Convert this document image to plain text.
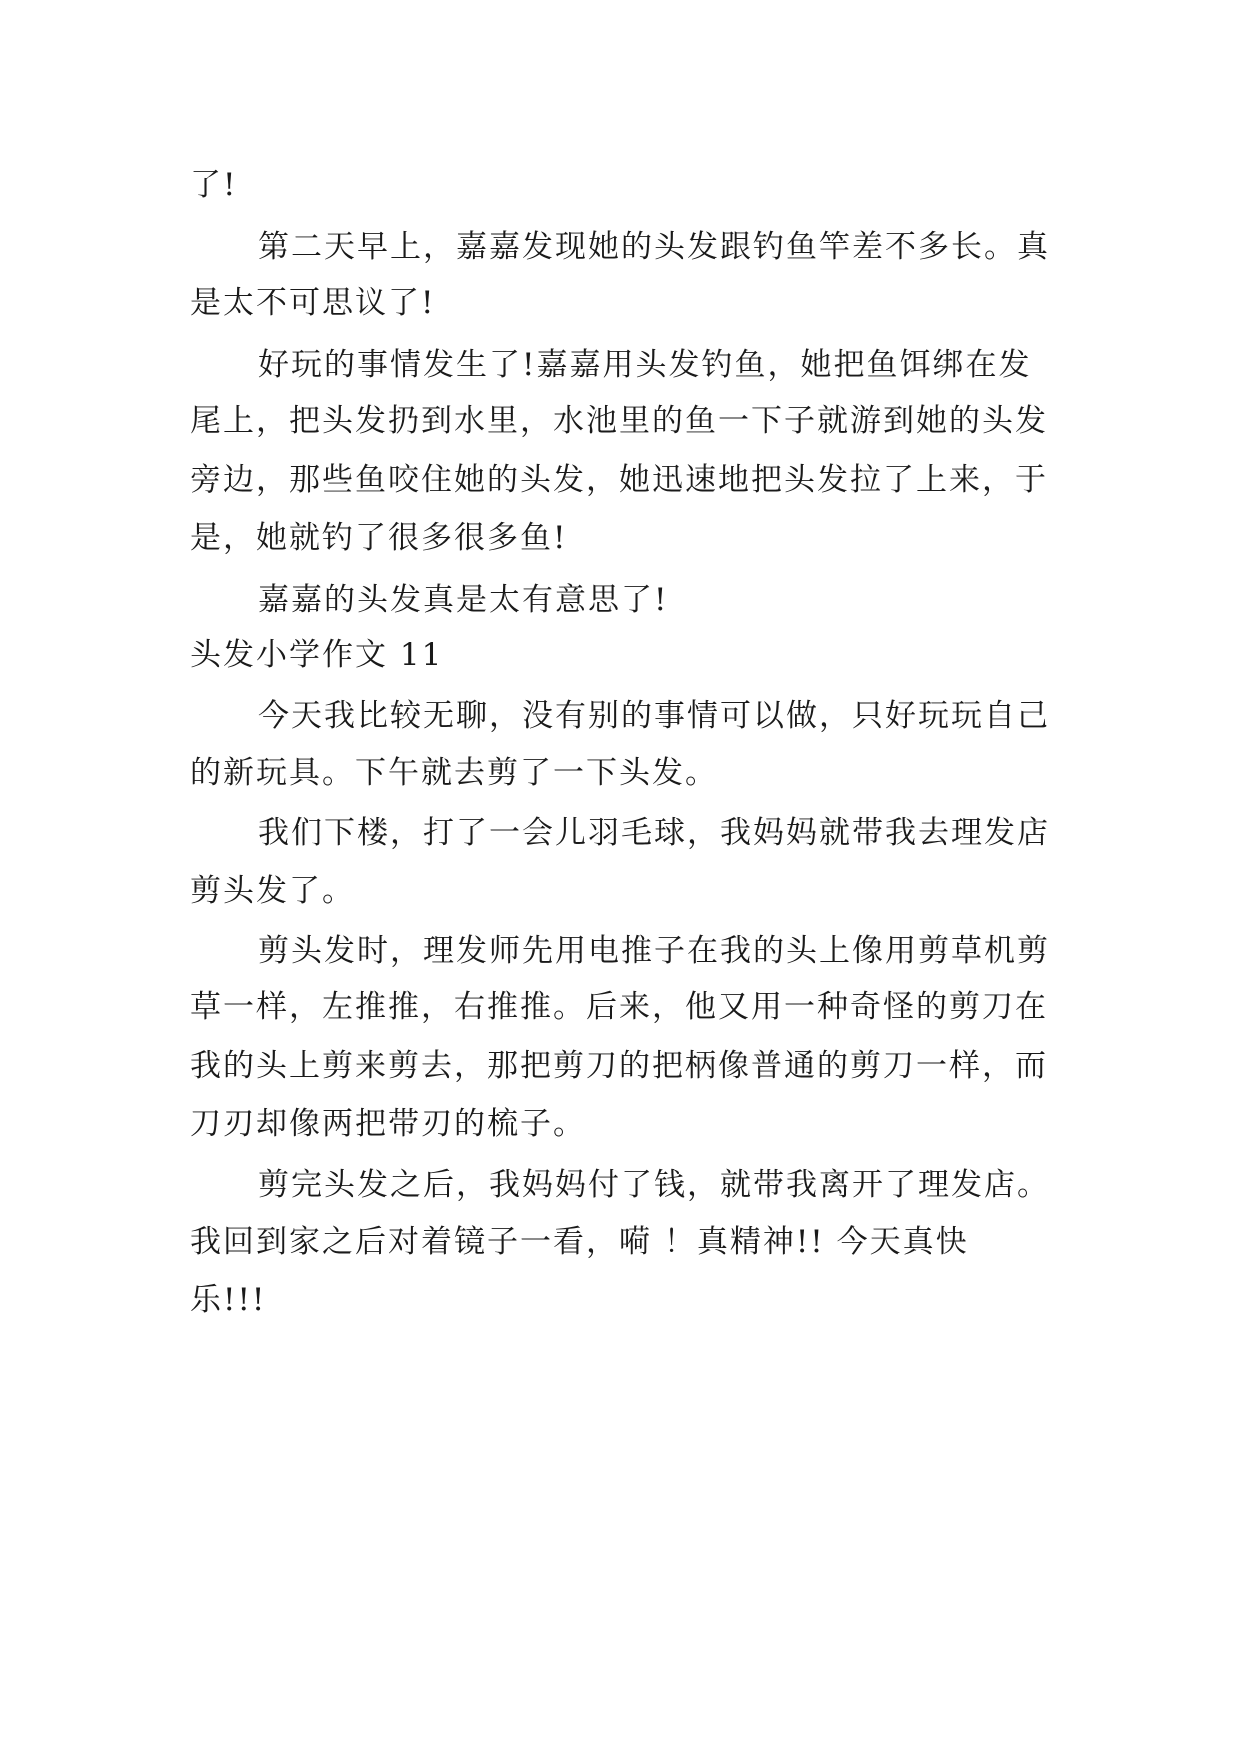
了!
第二天早上，嘉嘉发现她的头发跟钓鱼竿差不多长。真
是太不可思议了!
好玩的事情发生了!嘉嘉用头发钓鱼，她把鱼饵绑在发
尾上，把头发扔到水里，水池里的鱼一下子就游到她的头发
旁边，那些鱼咬住她的头发，她迅速地把头发拉了上来，于
是，她就钓了很多很多鱼!
嘉嘉的头发真是太有意思了!
头发小学作文 11
今天我比较无聊，没有别的事情可以做，只好玩玩自己
的新玩具。下午就去剪了一下头发。
我们下楼，打了一会儿羽毛球，我妈妈就带我去理发店
剪头发了。
剪头发时，理发师先用电推子在我的头上像用剪草机剪
草一样，左推推，右推推。后来，他又用一种奇怪的剪刀在
我的头上剪来剪去，那把剪刀的把柄像普通的剪刀一样，而
刀刃却像两把带刃的梳子。
剪完头发之后，我妈妈付了钱，就带我离开了理发店。
我回到家之后对着镜子一看，嗬 ！真精神!! 今天真快
乐!!!
